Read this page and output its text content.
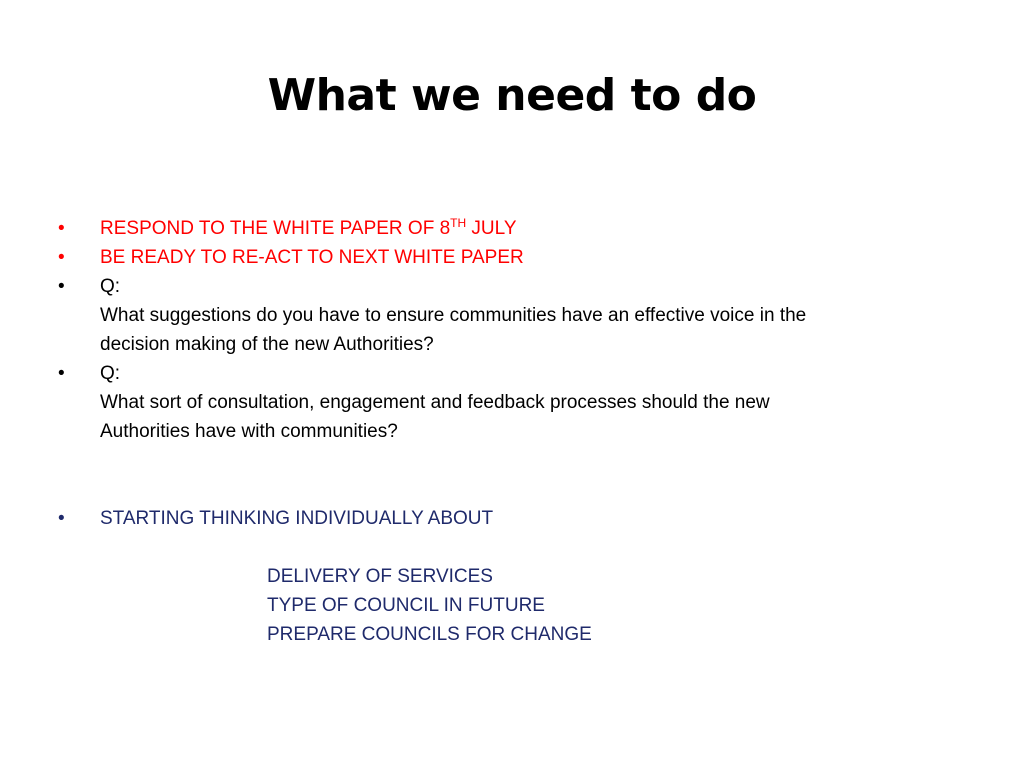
What we need to do
•	RESPOND TO THE WHITE PAPER OF 8TH JULY
•	BE READY TO RE-ACT TO NEXT WHITE PAPER
•	Q:
What suggestions do you have to ensure communities have an effective voice in the
decision making of the new Authorities?
•	Q:
What sort of consultation, engagement and feedback processes should the new
Authorities have with communities?
•	STARTING THINKING INDIVIDUALLY ABOUT
DELIVERY OF SERVICES
TYPE OF COUNCIL IN FUTURE
PREPARE COUNCILS FOR CHANGE
